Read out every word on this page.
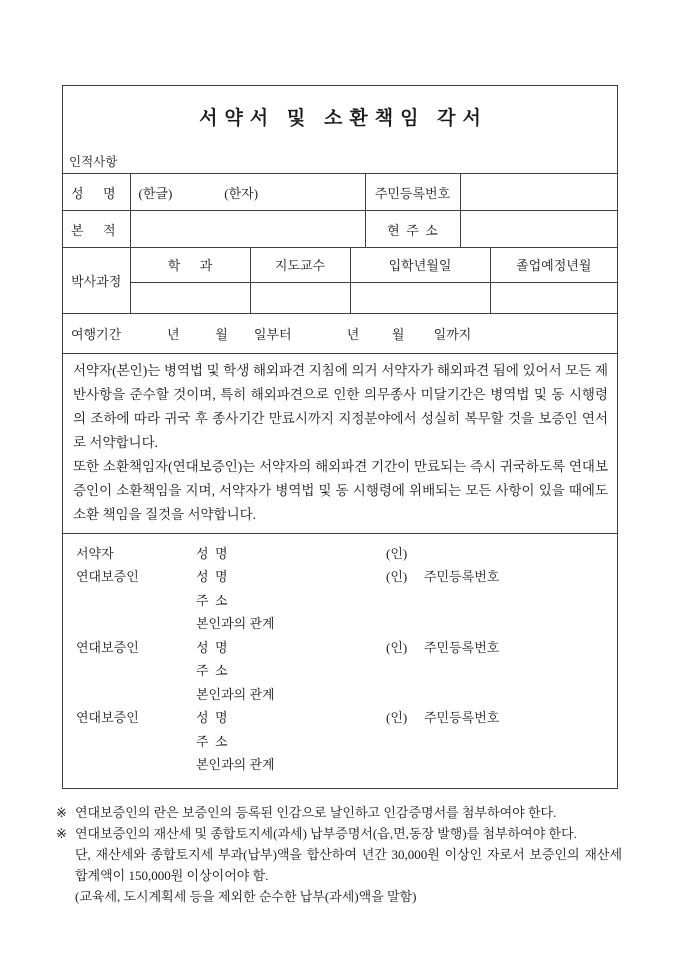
서약서 및 소환책임 각서
인적사항
성      명	(한글)                (한자)	주민등록번호	
본      적		현  주  소	
박사과정	학      과	지도교수	입학년월일	졸업예정년월

여행기간	년           월        일부터                 년          월         일까지

서약자(본인)는 병역법 및 학생 해외파견 지침에 의거 서약자가 해외파견 됨에 있어서 모든 제반사항을 준수할 것이며, 특히 해외파견으로 인한 의무종사 미달기간은 병역법 및 동 시행령의 조하에 따라 귀국 후 종사기간 만료시까지 지정분야에서 성실히 복무할 것을 보증인 연서로 서약합니다.

또한 소환책임자(연대보증인)는 서약자의 해외파견 기간이 만료되는 즉시 귀국하도록 연대보증인이 소환책임을 지며, 서약자가 병역법 및 동 시행령에 위배되는 모든 사항이 있을 때에도 소환 책임을 질것을 서약합니다.

서약자	성  명	(인)
연대보증인	성  명	(인)	주민등록번호
주  소
본인과의 관계
연대보증인	성  명	(인)	주민등록번호
주  소
본인과의 관계
연대보증인	성  명	(인)	주민등록번호
주  소
본인과의 관계
※ 연대보증인의 란은 보증인의 등록된 인감으로 날인하고 인감증명서를 첨부하여야 한다.
※ 연대보증인의 재산세 및 종합토지세(과세) 납부증명서(읍,면,동장 발행)를 첨부하여야 한다.
단, 재산세와 종합토지세 부과(납부)액을 합산하여 년간 30,000원 이상인 자로서 보증인의 재산세 합계액이 150,000원 이상이어야 함.
(교육세, 도시계획세 등을 제외한 순수한 납부(과세)액을 말함)
